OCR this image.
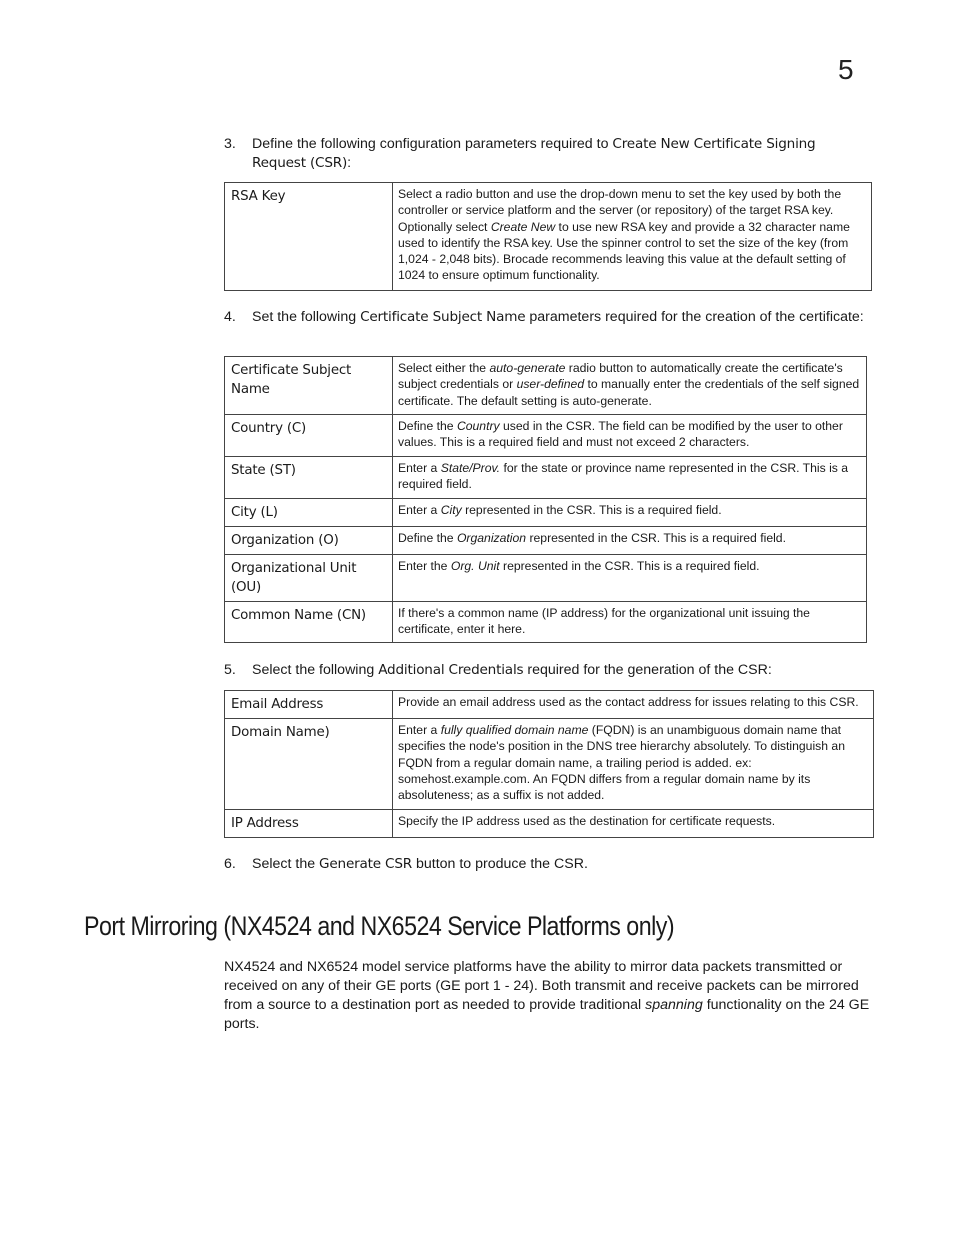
5
3. Define the following configuration parameters required to Create New Certificate Signing Request (CSR):
RSA Key	Select a radio button and use the drop-down menu to set the key used by both the controller or service platform and the server (or repository) of the target RSA key. Optionally select Create New to use new RSA key and provide a 32 character name used to identify the RSA key. Use the spinner control to set the size of the key (from 1,024 - 2,048 bits). Brocade recommends leaving this value at the default setting of 1024 to ensure optimum functionality.
4. Set the following Certificate Subject Name parameters required for the creation of the certificate:
Certificate Subject Name	Select either the auto-generate radio button to automatically create the certificate's subject credentials or user-defined to manually enter the credentials of the self signed certificate. The default setting is auto-generate.
Country (C)	Define the Country used in the CSR. The field can be modified by the user to other values. This is a required field and must not exceed 2 characters.
State (ST)	Enter a State/Prov. for the state or province name represented in the CSR. This is a required field.
City (L)	Enter a City represented in the CSR. This is a required field.
Organization (O)	Define the Organization represented in the CSR. This is a required field.
Organizational Unit (OU)	Enter the Org. Unit represented in the CSR. This is a required field.
Common Name (CN)	If there's a common name (IP address) for the organizational unit issuing the certificate, enter it here.
5. Select the following Additional Credentials required for the generation of the CSR:
Email Address	Provide an email address used as the contact address for issues relating to this CSR.
Domain Name)	Enter a fully qualified domain name (FQDN) is an unambiguous domain name that specifies the node's position in the DNS tree hierarchy absolutely. To distinguish an FQDN from a regular domain name, a trailing period is added. ex: somehost.example.com. An FQDN differs from a regular domain name by its absoluteness; as a suffix is not added.
IP Address	Specify the IP address used as the destination for certificate requests.
6. Select the Generate CSR button to produce the CSR.
Port Mirroring (NX4524 and NX6524 Service Platforms only)
NX4524 and NX6524 model service platforms have the ability to mirror data packets transmitted or received on any of their GE ports (GE port 1 - 24). Both transmit and receive packets can be mirrored from a source to a destination port as needed to provide traditional spanning functionality on the 24 GE ports.
